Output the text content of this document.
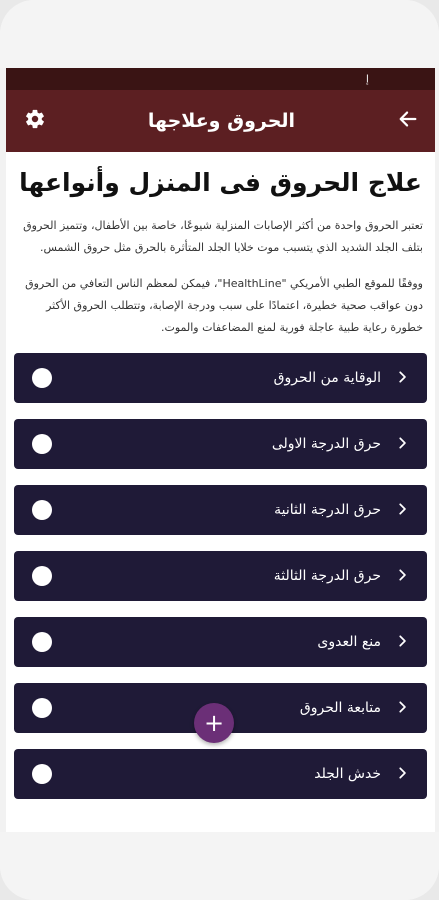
إ
الحروق وعلاجها
علاج الحروق فى المنزل وأنواعها

تعتبر الحروق واحدة من أكثر الإصابات المنزلية شيوعًا، خاصة بين الأطفال، وتتميز الحروق بتلف الجلد الشديد الذي يتسبب موت خلايا الجلد المتأثرة بالحرق مثل حروق الشمس.

ووفقًا للموقع الطبي الأمريكي "HealthLine"، فيمكن لمعظم الناس التعافي من الحروق دون عواقب صحية خطيرة، اعتمادًا على سبب ودرجة الإصابة، وتتطلب الحروق الأكثر خطورة رعاية طبية عاجلة فورية لمنع المضاعفات والموت.

الوقاية من الحروق
حرق الدرجة الاولى
حرق الدرجة الثانية
حرق الدرجة الثالثة
منع العدوى
متابعة الحروق
خدش الجلد
+
